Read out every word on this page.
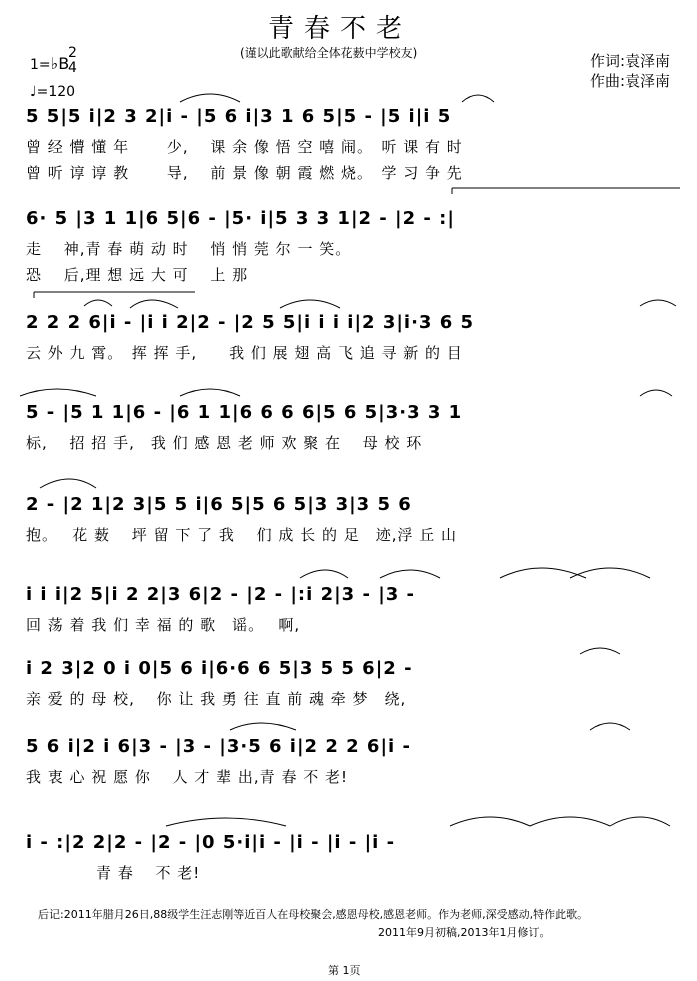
青春不老
(谨以此歌献给全体花薮中学校友)
1=♭B
2
4
♩=120
作词:袁泽南
作曲:袁泽南
5 5|5 i|2 3 2|i - |5 6 i|3 1 6 5|5 - |5 i|i 5
曾 经 懵 懂 年　　 少,　 课 余 像 悟 空 嘻 闹。　听 课 有 时
曾 听 谆 谆 教　　 导,　 前 景 像 朝 霞 燃 烧。　学 习 争 先
6· 5 |3 1 1|6 5|6 - |5· i|5 3 3 1|2 - |2 - :|
走　 神,青 春 萌 动 时　 悄 悄 莞 尔 一 笑。
恐　 后,理 想 远 大 可　 上 那
2 2 2 6|i - |i i 2|2 - |2 5 5|i i i i|2 3|i·3 6 5
云 外 九 霄。　挥 挥 手,　　我 们 展 翅 高 飞 追 寻 新 的 目
5 - |5 1 1|6 - |6 1 1|6 6 6 6|5 6 5|3·3 3 1
标,　 招 招 手,　我 们 感 恩 老 师 欢 聚 在　 母 校 环
2 - |2 1|2 3|5 5 i|6 5|5 6 5|3 3|3 5 6
抱。　 花 薮　 坪 留 下 了 我　 们 成 长 的 足　迹,浮 丘 山
i i i|2 5|i 2 2|3 6|2 - |2 - |:i 2|3 - |3 -
回 荡 着 我 们 幸 福 的 歌　谣。　 啊,
i 2 3|2 0 i 0|5 6 i|6·6 6 5|3 5 5 6|2 -
亲 爱 的 母 校,　 你 让 我 勇 往 直 前 魂 牵 梦　绕,
5 6 i|2 i 6|3 - |3 - |3·5 6 i|2 2 2 6|i -
我 衷 心 祝 愿 你　 人 才 辈 出,青 春 不 老!
i - :|2 2|2 - |2 - |0 5·i|i - |i - |i - |i -
青 春　 不 老!
后记:2011年腊月26日,88级学生汪志刚等近百人在母校聚会,感恩母校,感恩老师。作为老师,深受感动,特作此歌。
2011年9月初稿,2013年1月修订。
第 1页
